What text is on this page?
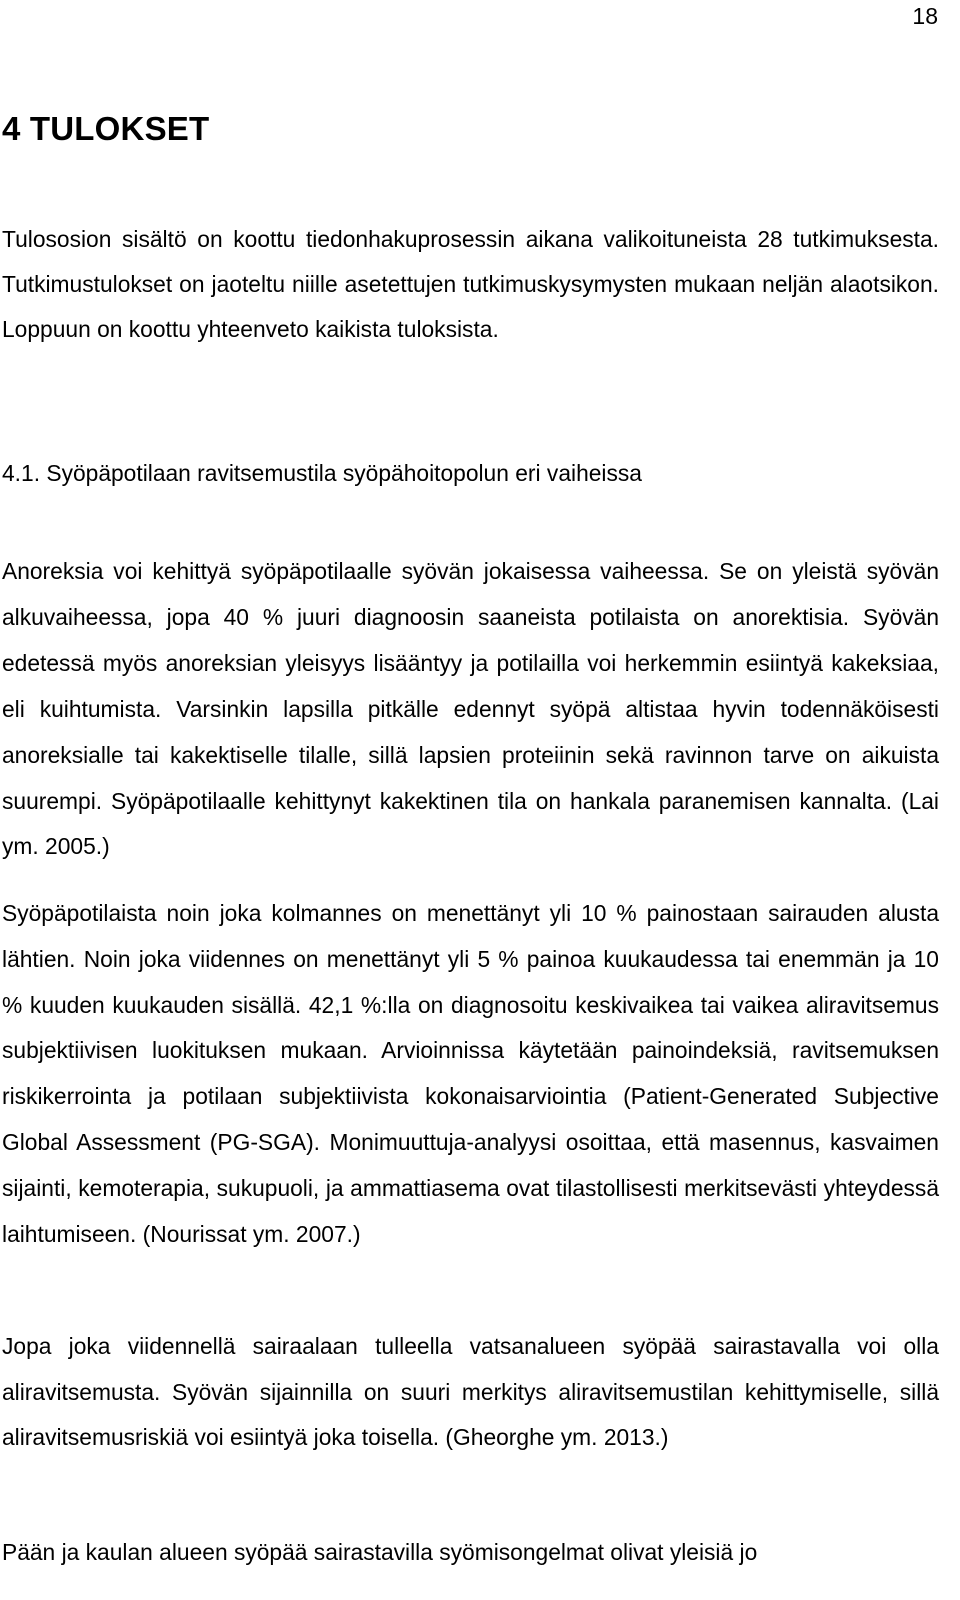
18

4 TULOKSET

Tulososion sisältö on koottu tiedonhakuprosessin aikana valikoituneista 28 tutkimuksesta. Tutkimustulokset on jaoteltu niille asetettujen tutkimuskysymysten mukaan neljän alaotsikon. Loppuun on koottu yhteenveto kaikista tuloksista.

4.1. Syöpäpotilaan ravitsemustila syöpähoitopolun eri vaiheissa

Anoreksia voi kehittyä syöpäpotilaalle syövän jokaisessa vaiheessa. Se on yleistä syövän alkuvaiheessa, jopa 40 % juuri diagnoosin saaneista potilaista on anorektisia. Syövän edetessä myös anoreksian yleisyys lisääntyy ja potilailla voi herkemmin esiintyä kakeksiaa, eli kuihtumista. Varsinkin lapsilla pitkälle edennyt syöpä altistaa hyvin todennäköisesti anoreksialle tai kakektiselle tilalle, sillä lapsien proteiinin sekä ravinnon tarve on aikuista suurempi. Syöpäpotilaalle kehittynyt kakektinen tila on hankala paranemisen kannalta. (Lai ym. 2005.)

Syöpäpotilaista noin joka kolmannes on menettänyt yli 10 % painostaan sairauden alusta lähtien. Noin joka viidennes on menettänyt yli 5 % painoa kuukaudessa tai enemmän ja 10 % kuuden kuukauden sisällä. 42,1 %:lla on diagnosoitu keskivaikea tai vaikea aliravitsemus subjektiivisen luokituksen mukaan. Arvioinnissa käytetään painoindeksiä, ravitsemuksen riskikerrointa ja potilaan subjektiivista kokonaisarviointia (Patient-Generated Subjective Global Assessment (PG-SGA). Monimuuttuja-analyysi osoittaa, että masennus, kasvaimen sijainti, kemoterapia, sukupuoli, ja ammattiasema ovat tilastollisesti merkitsevästi yhteydessä laihtumiseen. (Nourissat ym. 2007.)

Jopa joka viidennellä sairaalaan tulleella vatsanalueen syöpää sairastavalla voi olla aliravitsemusta. Syövän sijainnilla on suuri merkitys aliravitsemustilan kehittymiselle, sillä aliravitsemusriskiä voi esiintyä joka toisella. (Gheorghe ym. 2013.)

Pään ja kaulan alueen syöpää sairastavilla syömisongelmat olivat yleisiä jo
